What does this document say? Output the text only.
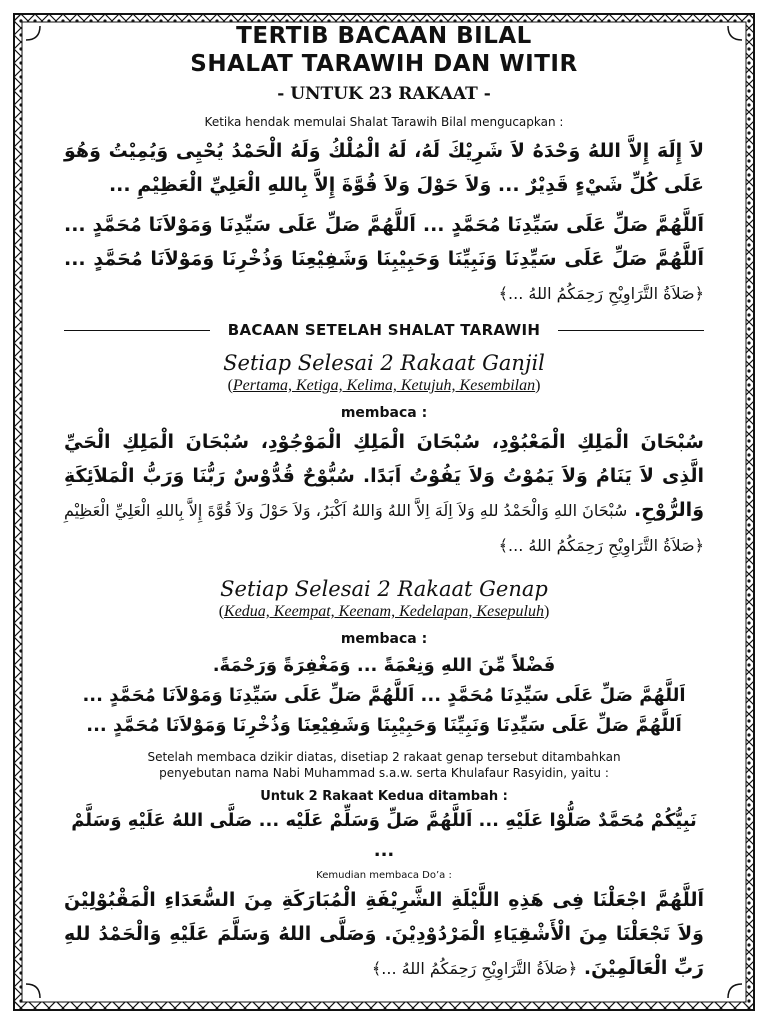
TERTIB BACAAN BILAL
SHALAT TARAWIH DAN WITIR
- UNTUK 23 RAKAAT -
Ketika hendak memulai Shalat Tarawih Bilal mengucapkan :
لاَ إِلَهَ إِلاَّ اللهُ وَحْدَهُ لاَ شَرِيْكَ لَهُ، لَهُ الْمُلْكُ وَلَهُ الْحَمْدُ يُحْيِى وَيُمِيْتُ وَهُوَ عَلَى كُلِّ شَيْءٍ قَدِيْرٌ ... وَلاَ حَوْلَ وَلاَ قُوَّةَ إِلاَّ بِاللهِ الْعَلِيِّ الْعَظِيْمِ ...
اَللَّهُمَّ صَلِّ عَلَى سَيِّدِنَا مُحَمَّدٍ ... اَللَّهُمَّ صَلِّ عَلَى سَيِّدِنَا وَمَوْلاَنَا مُحَمَّدٍ ... اَللَّهُمَّ صَلِّ عَلَى سَيِّدِنَا وَنَبِيِّنَا وَحَبِيْبِنَا وَشَفِيْعِنَا وَذُخْرِنَا وَمَوْلاَنَا مُحَمَّدٍ ... ﴿صَلاَةُ التَّرَاوِيْحِ رَحِمَكُمُ اللهُ ...﴾
BACAAN SETELAH SHALAT TARAWIH
Setiap Selesai 2 Rakaat Ganjil
(Pertama, Ketiga, Kelima, Ketujuh, Kesembilan)
membaca :
سُبْحَانَ الْمَلِكِ الْمَعْبُوْدِ، سُبْحَانَ الْمَلِكِ الْمَوْجُوْدِ، سُبْحَانَ الْمَلِكِ الْحَيِّ الَّذِى لاَ يَنَامُ وَلاَ يَمُوْتُ وَلاَ يَفُوْتُ اَبَدًا. سُبُّوْحٌ قُدُّوْسٌ رَبُّنَا وَرَبُّ الْمَلاَئِكَةِ وَالرُّوْحِ. سُبْحَانَ اللهِ وَالْحَمْدُ للهِ وَلاَ اِلَهَ اِلاَّ اللهُ وَاللهُ اَكْبَرُ، وَلاَ حَوْلَ وَلاَ قُوَّةَ إِلاَّ بِاللهِ الْعَلِيِّ الْعَظِيْمِ ﴿صَلاَةُ التَّرَاوِيْحِ رَحِمَكُمُ اللهُ ...﴾
Setiap Selesai 2 Rakaat Genap
(Kedua, Keempat, Keenam, Kedelapan, Kesepuluh)
membaca :
فَضْلاً مِّنَ اللهِ وَنِعْمَةً ... وَمَغْفِرَةً وَرَحْمَةً.
اَللَّهُمَّ صَلِّ عَلَى سَيِّدِنَا مُحَمَّدٍ ... اَللَّهُمَّ صَلِّ عَلَى سَيِّدِنَا وَمَوْلاَنَا مُحَمَّدٍ ...
اَللَّهُمَّ صَلِّ عَلَى سَيِّدِنَا وَنَبِيِّنَا وَحَبِيْبِنَا وَشَفِيْعِنَا وَذُخْرِنَا وَمَوْلاَنَا مُحَمَّدٍ ...
Setelah membaca dzikir diatas, disetiap 2 rakaat genap tersebut ditambahkan
penyebutan nama Nabi Muhammad s.a.w. serta Khulafaur Rasyidin, yaitu :
Untuk 2 Rakaat Kedua ditambah :
نَبِيُّكُمْ مُحَمَّدٌ صَلُّوْا عَلَيْهِ ... اَللَّهُمَّ صَلِّ وَسَلِّمْ عَلَيْه ... صَلَّى اللهُ عَلَيْهِ وَسَلَّمْ ...
Kemudian membaca Do’a :
اَللَّهُمَّ اجْعَلْنَا فِى هَذِهِ اللَّيْلَةِ الشَّرِيْفَةِ الْمُبَارَكَةِ مِنَ السُّعَدَاءِ الْمَقْبُوْلِيْنَ وَلاَ تَجْعَلْنَا مِنَ الْأَشْقِيَاءِ الْمَرْدُوْدِيْنَ. وَصَلَّى اللهُ وَسَلَّمَ عَلَيْهِ وَالْحَمْدُ للهِ رَبِّ الْعَالَمِيْنَ. ﴿صَلاَةُ التَّرَاوِيْحِ رَحِمَكُمُ اللهُ ...﴾
